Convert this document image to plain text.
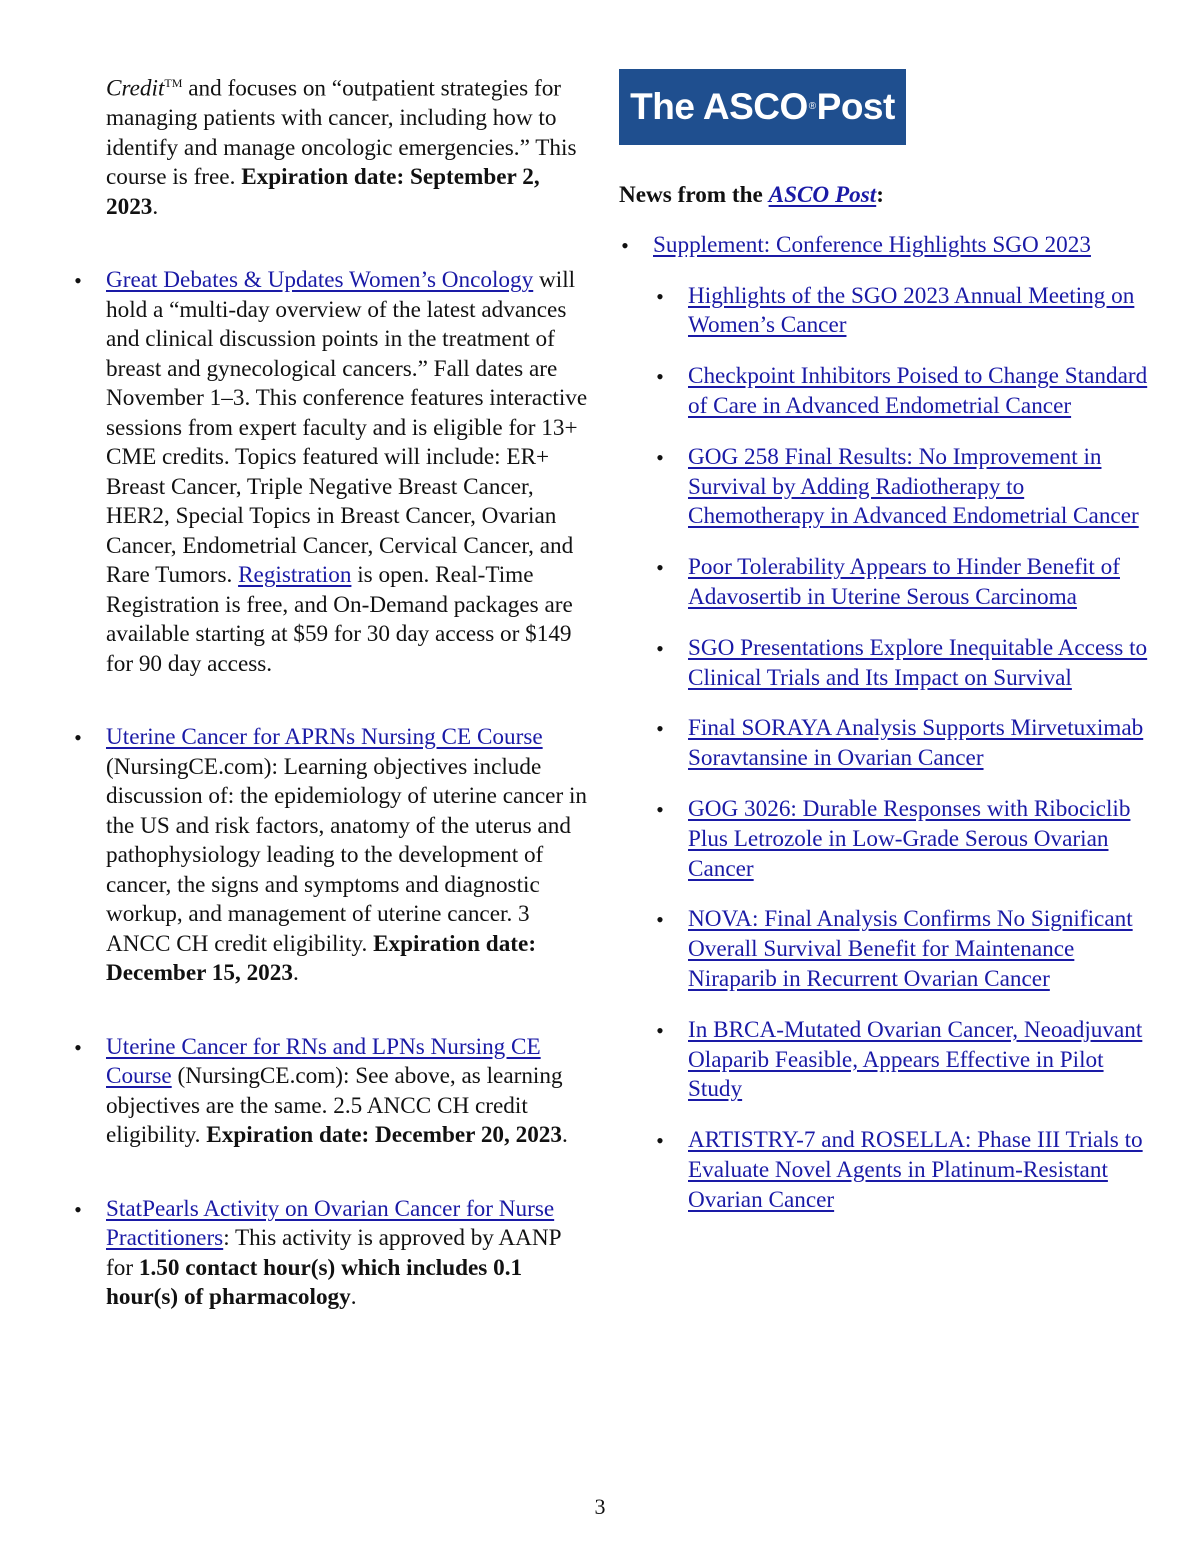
Credit™ and focuses on “outpatient strategies for managing patients with cancer, including how to identify and manage oncologic emergencies.” This course is free. Expiration date: September 2, 2023.

• Great Debates & Updates Women’s Oncology will hold a “multi-day overview of the latest advances and clinical discussion points in the treatment of breast and gynecological cancers.” Fall dates are November 1–3. This conference features interactive sessions from expert faculty and is eligible for 13+ CME credits. Topics featured will include: ER+ Breast Cancer, Triple Negative Breast Cancer, HER2, Special Topics in Breast Cancer, Ovarian Cancer, Endometrial Cancer, Cervical Cancer, and Rare Tumors. Registration is open. Real-Time Registration is free, and On-Demand packages are available starting at $59 for 30 day access or $149 for 90 day access.
• Uterine Cancer for APRNs Nursing CE Course (NursingCE.com): Learning objectives include discussion of: the epidemiology of uterine cancer in the US and risk factors, anatomy of the uterus and pathophysiology leading to the development of cancer, the signs and symptoms and diagnostic workup, and management of uterine cancer. 3 ANCC CH credit eligibility. Expiration date: December 15, 2023.
• Uterine Cancer for RNs and LPNs Nursing CE Course (NursingCE.com): See above, as learning objectives are the same. 2.5 ANCC CH credit eligibility. Expiration date: December 20, 2023.
• StatPearls Activity on Ovarian Cancer for Nurse Practitioners: This activity is approved by AANP for 1.50 contact hour(s) which includes 0.1 hour(s) of pharmacology.
The ASCO ® Post
News from the ASCO Post:
• Supplement: Conference Highlights SGO 2023
• Highlights of the SGO 2023 Annual Meeting on Women’s Cancer
• Checkpoint Inhibitors Poised to Change Standard of Care in Advanced Endometrial Cancer
• GOG 258 Final Results: No Improvement in Survival by Adding Radiotherapy to Chemotherapy in Advanced Endometrial Cancer
• Poor Tolerability Appears to Hinder Benefit of Adavosertib in Uterine Serous Carcinoma
• SGO Presentations Explore Inequitable Access to Clinical Trials and Its Impact on Survival
• Final SORAYA Analysis Supports Mirvetuximab Soravtansine in Ovarian Cancer
• GOG 3026: Durable Responses with Ribociclib Plus Letrozole in Low-Grade Serous Ovarian Cancer
• NOVA: Final Analysis Confirms No Significant Overall Survival Benefit for Maintenance Niraparib in Recurrent Ovarian Cancer
• In BRCA-Mutated Ovarian Cancer, Neoadjuvant Olaparib Feasible, Appears Effective in Pilot Study
• ARTISTRY-7 and ROSELLA: Phase III Trials to Evaluate Novel Agents in Platinum-Resistant Ovarian Cancer
3
